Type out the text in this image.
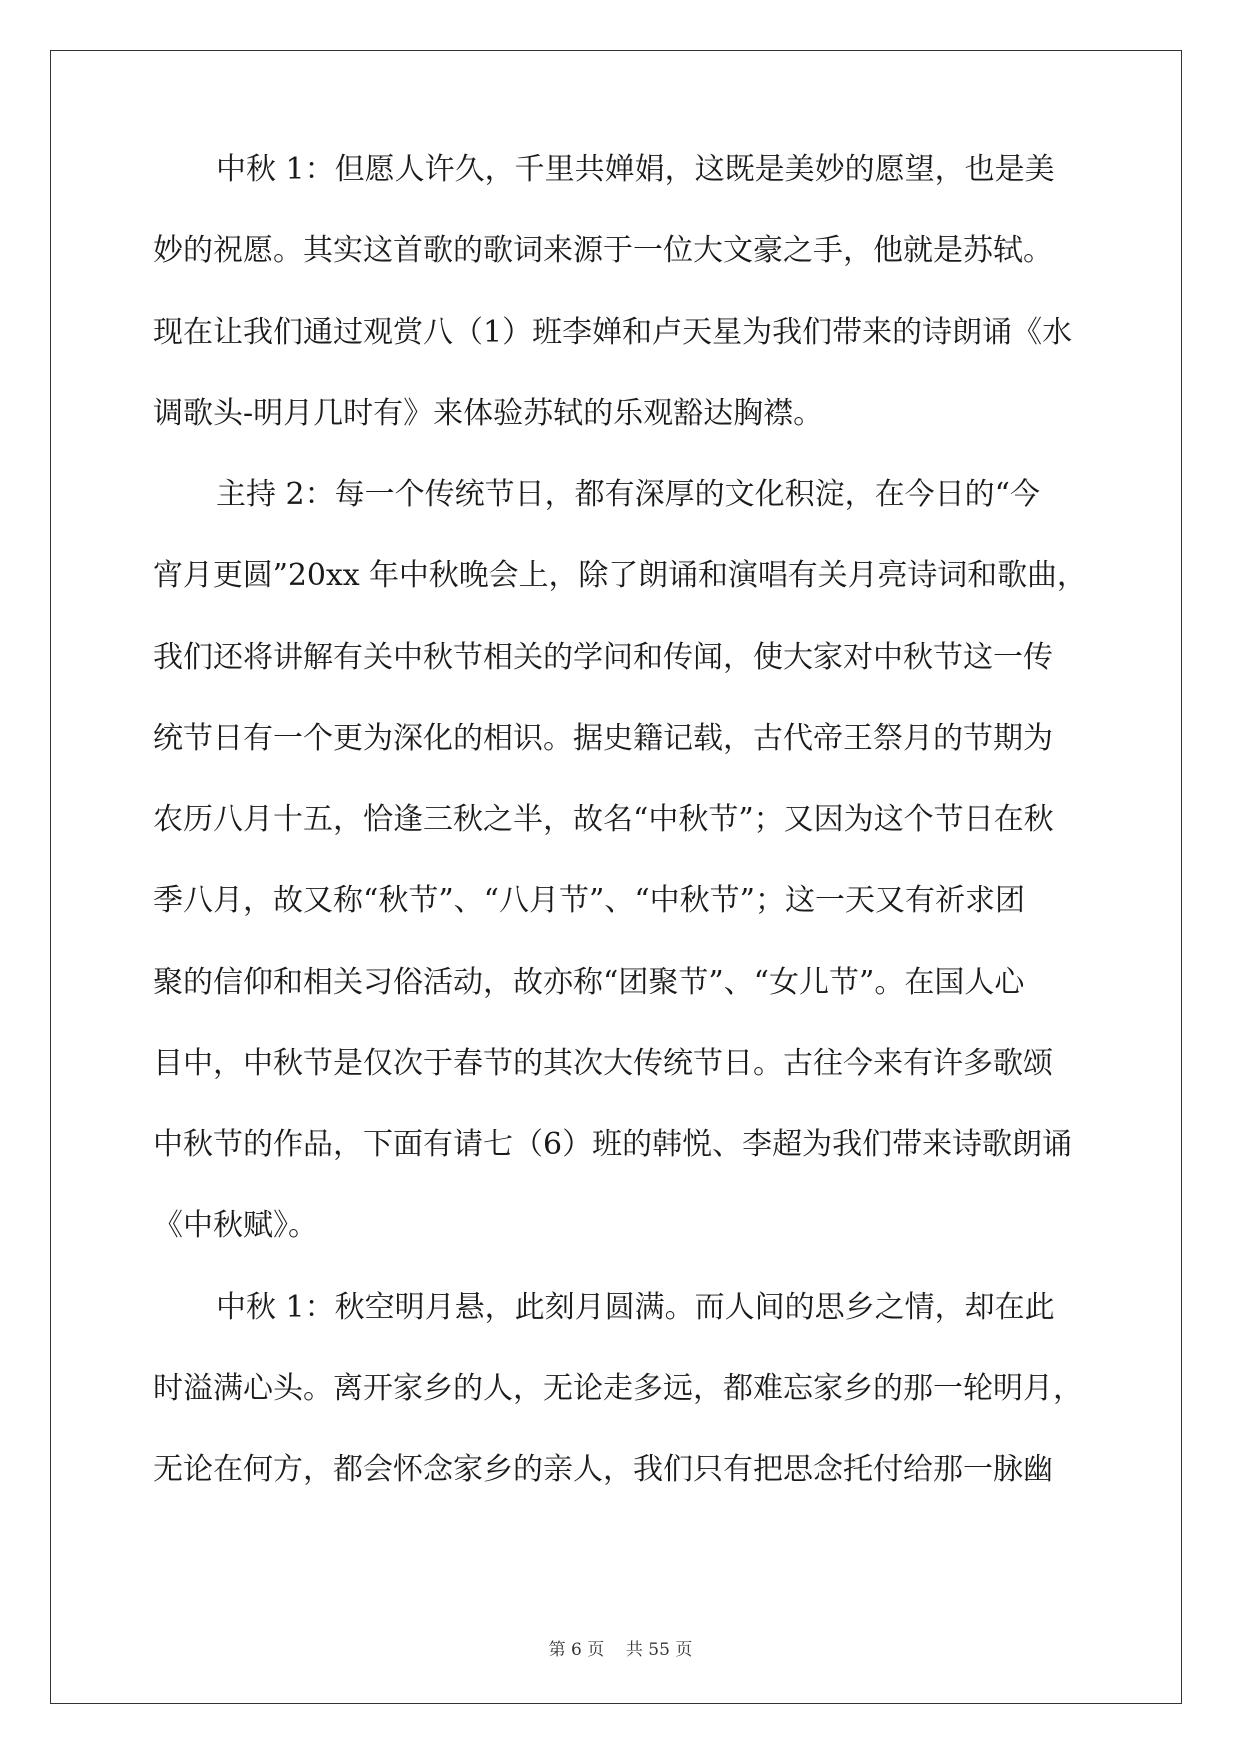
中秋 1：但愿人许久，千里共婵娟，这既是美妙的愿望，也是美
妙的祝愿。其实这首歌的歌词来源于一位大文豪之手，他就是苏轼。
现在让我们通过观赏八（1）班李婵和卢天星为我们带来的诗朗诵《水
调歌头-明月几时有》来体验苏轼的乐观豁达胸襟。
主持 2：每一个传统节日，都有深厚的文化积淀，在今日的“今
宵月更圆”20xx 年中秋晚会上，除了朗诵和演唱有关月亮诗词和歌曲，
我们还将讲解有关中秋节相关的学问和传闻，使大家对中秋节这一传
统节日有一个更为深化的相识。据史籍记载，古代帝王祭月的节期为
农历八月十五，恰逢三秋之半，故名“中秋节”；又因为这个节日在秋
季八月，故又称“秋节”、“八月节”、“中秋节”；这一天又有祈求团
聚的信仰和相关习俗活动，故亦称“团聚节”、“女儿节”。在国人心
目中，中秋节是仅次于春节的其次大传统节日。古往今来有许多歌颂
中秋节的作品，下面有请七（6）班的韩悦、李超为我们带来诗歌朗诵
《中秋赋》。
中秋 1：秋空明月悬，此刻月圆满。而人间的思乡之情，却在此
时溢满心头。离开家乡的人，无论走多远，都难忘家乡的那一轮明月，
无论在何方，都会怀念家乡的亲人，我们只有把思念托付给那一脉幽
第 6 页    共 55 页
